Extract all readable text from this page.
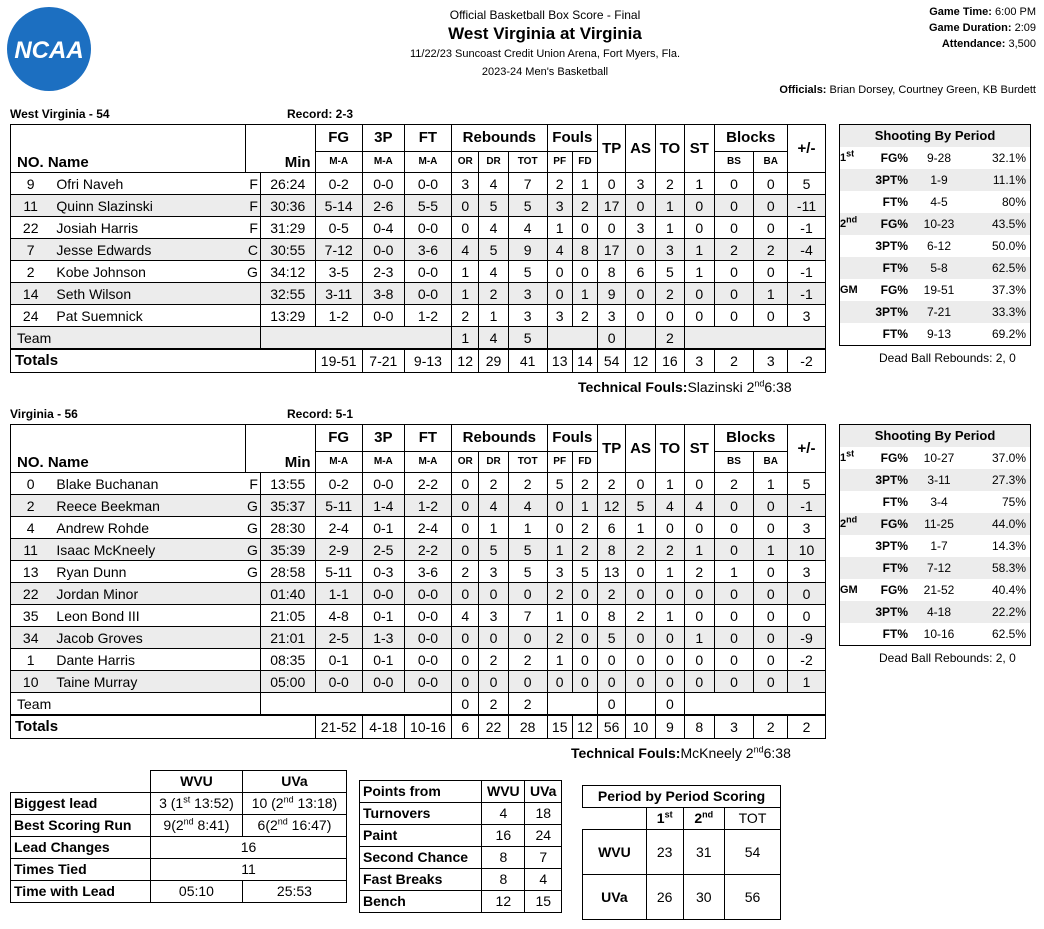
NCAA
Official Basketball Box Score - Final
West Virginia at Virginia
11/22/23 Suncoast Credit Union Arena, Fort Myers, Fla.
2023-24 Men's Basketball
Game Time: 6:00 PM
Game Duration: 2:09
Attendance: 3,500
Officials: Brian Dorsey, Courtney Green, KB Burdett
West Virginia - 54	Record: 2-3
NO. Name		Min		FG	3P	FT	Rebounds			Fouls		TP	AS	TO	ST	Blocks		+/-
				M-A	M-A	M-A	OR	DR	TOT	PF	FD					BS	BA	
9	Ofri Naveh	F	26:24	0-2	0-0	0-0	3	4	7	2	1	0	3	2	1	0	0	5
11	Quinn Slazinski	F	30:36	5-14	2-6	5-5	0	5	5	3	2	17	0	1	0	0	0	-11
22	Josiah Harris	F	31:29	0-5	0-4	0-0	0	4	4	1	0	0	3	1	0	0	0	-1
7	Jesse Edwards	C	30:55	7-12	0-0	3-6	4	5	9	4	8	17	0	3	1	2	2	-4
2	Kobe Johnson	G	34:12	3-5	2-3	0-0	1	4	5	0	0	8	6	5	1	0	0	-1
14	Seth Wilson		32:55	3-11	3-8	0-0	1	2	3	0	1	9	0	2	0	0	1	-1
24	Pat Suemnick		13:29	1-2	0-0	1-2	2	1	3	3	2	3	0	0	0	0	0	3
Team							1	4	5			0		2				
Totals				19-51	7-21	9-13	12	29	41	13	14	54	12	16	3	2	3	-2
Shooting By Period
1st	FG%	9-28	32.1%
3PT%	1-9	11.1%
FT%	4-5	80%
2nd	FG%	10-23	43.5%
3PT%	6-12	50.0%
FT%	5-8	62.5%
GM	FG%	19-51	37.3%
3PT%	7-21	33.3%
FT%	9-13	69.2%
Dead Ball Rebounds: 2, 0
Technical Fouls:Slazinski 2nd6:38
Virginia - 56	Record: 5-1
NO. Name		Min		FG	3P	FT	Rebounds			Fouls		TP	AS	TO	ST	Blocks		+/-
				M-A	M-A	M-A	OR	DR	TOT	PF	FD					BS	BA	
0	Blake Buchanan	F	13:55	0-2	0-0	2-2	0	2	2	5	2	2	0	1	0	2	1	5
2	Reece Beekman	G	35:37	5-11	1-4	1-2	0	4	4	0	1	12	5	4	4	0	0	-1
4	Andrew Rohde	G	28:30	2-4	0-1	2-4	0	1	1	0	2	6	1	0	0	0	0	3
11	Isaac McKneely	G	35:39	2-9	2-5	2-2	0	5	5	1	2	8	2	2	1	0	1	10
13	Ryan Dunn	G	28:58	5-11	0-3	3-6	2	3	5	3	5	13	0	1	2	1	0	3
22	Jordan Minor		01:40	1-1	0-0	0-0	0	0	0	2	0	2	0	0	0	0	0	0
35	Leon Bond III		21:05	4-8	0-1	0-0	4	3	7	1	0	8	2	1	0	0	0	0
34	Jacob Groves		21:01	2-5	1-3	0-0	0	0	0	2	0	5	0	0	1	0	0	-9
1	Dante Harris		08:35	0-1	0-1	0-0	0	2	2	1	0	0	0	0	0	0	0	-2
10	Taine Murray		05:00	0-0	0-0	0-0	0	0	0	0	0	0	0	0	0	0	0	1
Team							0	2	2			0		0				
Totals				21-52	4-18	10-16	6	22	28	15	12	56	10	9	8	3	2	2
Shooting By Period
1st	FG%	10-27	37.0%
3PT%	3-11	27.3%
FT%	3-4	75%
2nd	FG%	11-25	44.0%
3PT%	1-7	14.3%
FT%	7-12	58.3%
GM	FG%	21-52	40.4%
3PT%	4-18	22.2%
FT%	10-16	62.5%
Dead Ball Rebounds: 2, 0
Technical Fouls:McKneely 2nd6:38
	WVU	UVa
Biggest lead	3 (1st 13:52)	10 (2nd 13:18)
Best Scoring Run	9(2nd 8:41)	6(2nd 16:47)
Lead Changes	16	
Times Tied	11	
Time with Lead	05:10	25:53
Points from	WVU	UVa
Turnovers	4	18
Paint	16	24
Second Chance	8	7
Fast Breaks	8	4
Bench	12	15
Period by Period Scoring			
	1st	2nd	TOT
WVU	23	31	54
UVa	26	30	56
